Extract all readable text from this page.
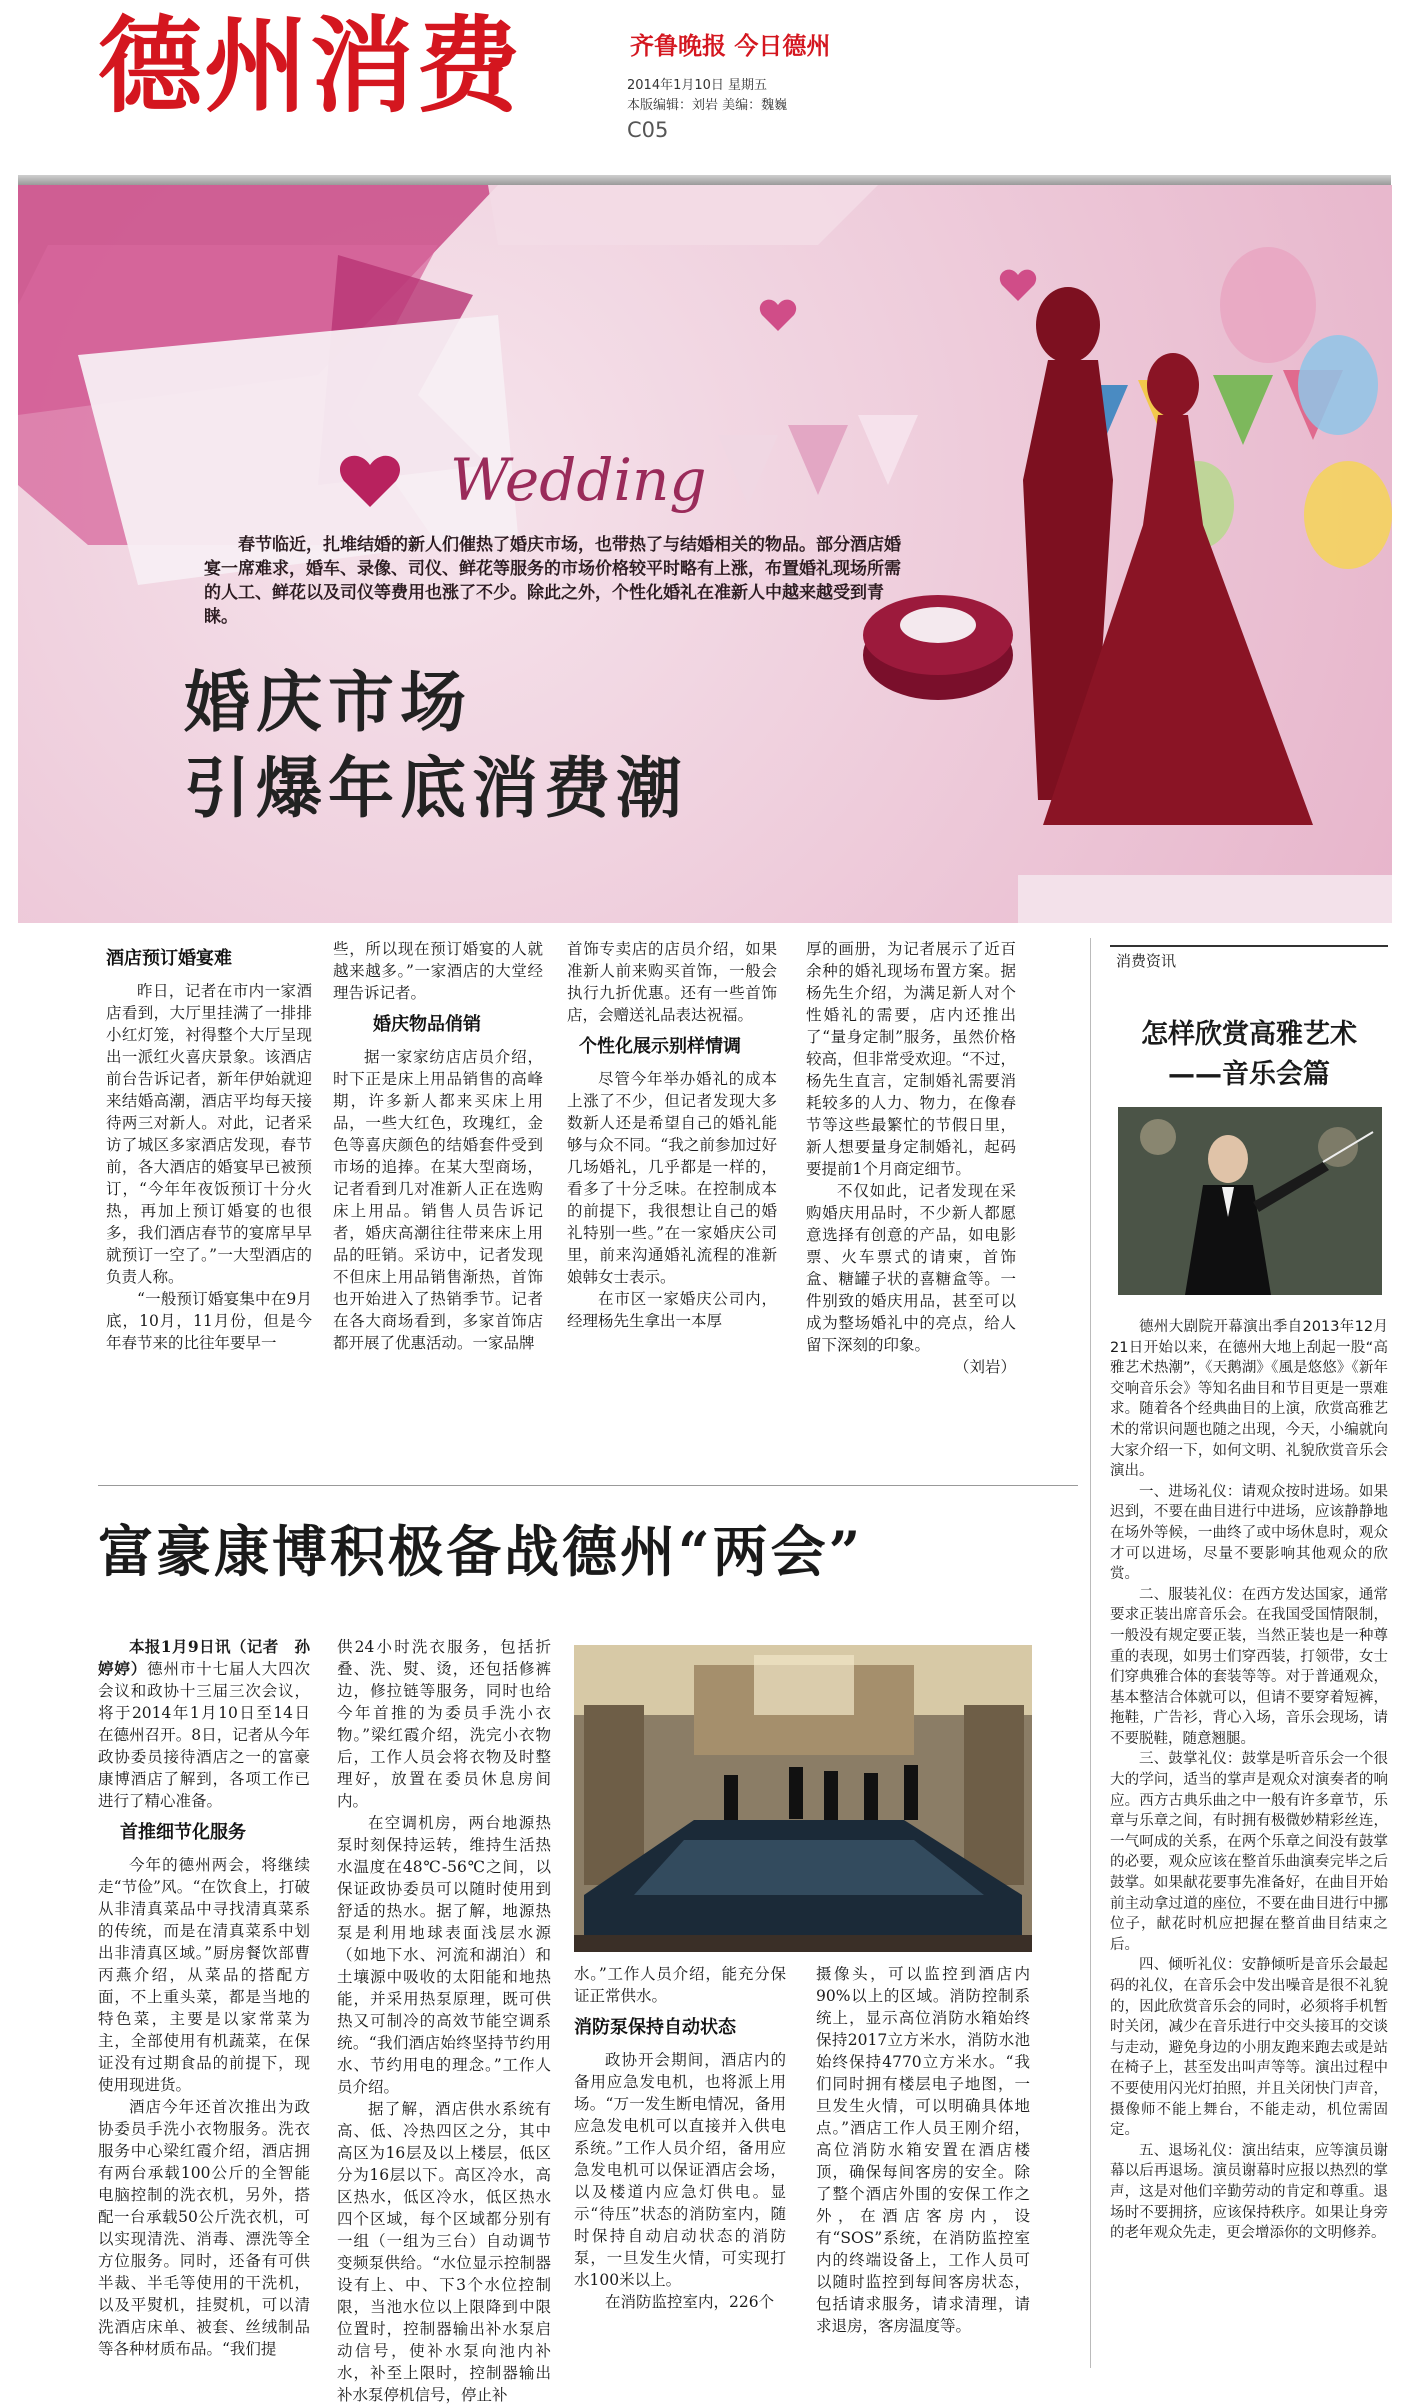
德州消费	齐鲁晚报 今日德州
2014年1月10日 星期五
本版编辑：刘岩 美编：魏巍
C05
Wedding
春节临近，扎堆结婚的新人们催热了婚庆市场，也带热了与结婚相关的物品。部分酒店婚宴一席难求，婚车、录像、司仪、鲜花等服务的市场价格较平时略有上涨，布置婚礼现场所需的人工、鲜花以及司仪等费用也涨了不少。除此之外，个性化婚礼在准新人中越来越受到青睐。
婚庆市场
引爆年底消费潮
酒店预订婚宴难

昨日，记者在市内一家酒店看到，大厅里挂满了一排排小红灯笼，衬得整个大厅呈现出一派红火喜庆景象。该酒店前台告诉记者，新年伊始就迎来结婚高潮，酒店平均每天接待两三对新人。对此，记者采访了城区多家酒店发现，春节前，各大酒店的婚宴早已被预订，“今年年夜饭预订十分火热，再加上预订婚宴的也很多，我们酒店春节的宴席早早就预订一空了。”一大型酒店的负责人称。

“一般预订婚宴集中在9月底，10月，11月份，但是今年春节来的比往年要早一

些，所以现在预订婚宴的人就越来越多。”一家酒店的大堂经理告诉记者。

婚庆物品俏销

据一家家纺店店员介绍，时下正是床上用品销售的高峰期，许多新人都来买床上用品，一些大红色，玫瑰红，金色等喜庆颜色的结婚套件受到市场的追捧。在某大型商场，记者看到几对准新人正在选购床上用品。销售人员告诉记者，婚庆高潮往往带来床上用品的旺销。采访中，记者发现不但床上用品销售渐热，首饰也开始进入了热销季节。记者在各大商场看到，多家首饰店都开展了优惠活动。一家品牌

首饰专卖店的店员介绍，如果准新人前来购买首饰，一般会执行九折优惠。还有一些首饰店，会赠送礼品表达祝福。

个性化展示别样情调

尽管今年举办婚礼的成本上涨了不少，但记者发现大多数新人还是希望自己的婚礼能够与众不同。“我之前参加过好几场婚礼，几乎都是一样的，看多了十分乏味。在控制成本的前提下，我很想让自己的婚礼特别一些。”在一家婚庆公司里，前来沟通婚礼流程的准新娘韩女士表示。

在市区一家婚庆公司内，经理杨先生拿出一本厚

厚的画册，为记者展示了近百余种的婚礼现场布置方案。据杨先生介绍，为满足新人对个性婚礼的需要，店内还推出了“量身定制”服务，虽然价格较高，但非常受欢迎。“不过，杨先生直言，定制婚礼需要消耗较多的人力、物力，在像春节等这些最繁忙的节假日里，新人想要量身定制婚礼，起码要提前1个月商定细节。

不仅如此，记者发现在采购婚庆用品时，不少新人都愿意选择有创意的产品，如电影票、火车票式的请柬，首饰盒、糖罐子状的喜糖盒等。一件别致的婚庆用品，甚至可以成为整场婚礼中的亮点，给人留下深刻的印象。

（刘岩）
消费资讯
怎样欣赏高雅艺术
——音乐会篇

德州大剧院开幕演出季自2013年12月21日开始以来，在德州大地上刮起一股“高雅艺术热潮”，《天鹅湖》《風是悠悠》《新年交响音乐会》等知名曲目和节目更是一票难求。随着各个经典曲目的上演，欣赏高雅艺术的常识问题也随之出现，今天，小编就向大家介绍一下，如何文明、礼貌欣赏音乐会演出。

一、进场礼仪：请观众按时进场。如果迟到，不要在曲目进行中进场，应该静静地在场外等候，一曲终了或中场休息时，观众才可以进场，尽量不要影响其他观众的欣赏。

二、服装礼仪：在西方发达国家，通常要求正装出席音乐会。在我国受国情限制，一般没有规定要正装，当然正装也是一种尊重的表现，如男士们穿西装，打领带，女士们穿典雅合体的套装等等。对于普通观众，基本整洁合体就可以，但请不要穿着短裤，拖鞋，广告衫，背心入场，音乐会现场，请不要脱鞋，随意翘腿。

三、鼓掌礼仪：鼓掌是听音乐会一个很大的学问，适当的掌声是观众对演奏者的响应。西方古典乐曲之中一般有许多章节，乐章与乐章之间，有时拥有极微妙精彩丝连，一气呵成的关系，在两个乐章之间没有鼓掌的必要，观众应该在整首乐曲演奏完毕之后鼓掌。如果献花要事先准备好，在曲目开始前主动拿过道的座位，不要在曲目进行中挪位子，献花时机应把握在整首曲目结束之后。

四、倾听礼仪：安静倾听是音乐会最起码的礼仪，在音乐会中发出噪音是很不礼貌的，因此欣赏音乐会的同时，必须将手机暂时关闭，减少在音乐进行中交头接耳的交谈与走动，避免身边的小朋友跑来跑去或是站在椅子上，甚至发出叫声等等。演出过程中不要使用闪光灯拍照，并且关闭快门声音，摄像师不能上舞台，不能走动，机位需固定。

五、退场礼仪：演出结束，应等演员谢幕以后再退场。演员谢幕时应报以热烈的掌声，这是对他们辛勤劳动的肯定和尊重。退场时不要拥挤，应该保持秩序。如果让身旁的老年观众先走，更会增添你的文明修养。

富豪康博积极备战德州“两会”

本报1月9日讯（记者　孙婷婷）德州市十七届人大四次会议和政协十三届三次会议，将于2014年1月10日至14日在德州召开。8日，记者从今年政协委员接待酒店之一的富豪康博酒店了解到，各项工作已进行了精心准备。

首推细节化服务

今年的德州两会，将继续走“节俭”风。“在饮食上，打破从非清真菜品中寻找清真菜系的传统，而是在清真菜系中划出非清真区域。”厨房餐饮部曹丙燕介绍，从菜品的搭配方面，不上重头菜，都是当地的特色菜，主要是以家常菜为主，全部使用有机蔬菜，在保证没有过期食品的前提下，现使用现进货。

酒店今年还首次推出为政协委员手洗小衣物服务。洗衣服务中心梁红霞介绍，酒店拥有两台承载100公斤的全智能电脑控制的洗衣机，另外，搭配一台承载50公斤洗衣机，可以实现清洗、消毒、漂洗等全方位服务。同时，还备有可供半裁、半毛等使用的干洗机，以及平熨机，挂熨机，可以清洗酒店床单、被套、丝绒制品等各种材质布品。“我们提

供24小时洗衣服务，包括折叠、洗、熨、烫，还包括修裤边，修拉链等服务，同时也给今年首推的为委员手洗小衣物。”梁红霞介绍，洗完小衣物后，工作人员会将衣物及时整理好，放置在委员休息房间内。

在空调机房，两台地源热泵时刻保持运转，维持生活热水温度在48℃-56℃之间，以保证政协委员可以随时使用到舒适的热水。据了解，地源热泵是利用地球表面浅层水源（如地下水、河流和湖泊）和土壤源中吸收的太阳能和地热能，并采用热泵原理，既可供热又可制冷的高效节能空调系统。“我们酒店始终坚持节约用水、节约用电的理念。”工作人员介绍。

据了解，酒店供水系统有高、低、冷热四区之分，其中高区为16层及以上楼层，低区分为16层以下。高区冷水，高区热水，低区冷水，低区热水四个区域，每个区域都分别有一组（一组为三台）自动调节变频泵供给。“水位显示控制器设有上、中、下3个水位控制限，当池水位以上限降到中限位置时，控制器输出补水泵启动信号，使补水泵向池内补水，补至上限时，控制器输出补水泵停机信号，停止补

水。”工作人员介绍，能充分保证正常供水。

消防泵保持自动状态

政协开会期间，酒店内的备用应急发电机，也将派上用场。“万一发生断电情况，备用应急发电机可以直接并入供电系统。”工作人员介绍，备用应急发电机可以保证酒店会场，以及楼道内应急灯供电。显示“待压”状态的消防室内，随时保持自动启动状态的消防泵，一旦发生火情，可实现打水100米以上。

在消防监控室内，226个

摄像头，可以监控到酒店内90%以上的区域。消防控制系统上，显示高位消防水箱始终保持2017立方米水，消防水池始终保持4770立方米水。“我们同时拥有楼层电子地图，一旦发生火情，可以明确具体地点。”酒店工作人员王刚介绍，高位消防水箱安置在酒店楼顶，确保每间客房的安全。除了整个酒店外围的安保工作之外，在酒店客房内，设有“SOS”系统，在消防监控室内的终端设备上，工作人员可以随时监控到每间客房状态，包括请求服务，请求清理，请求退房，客房温度等。
